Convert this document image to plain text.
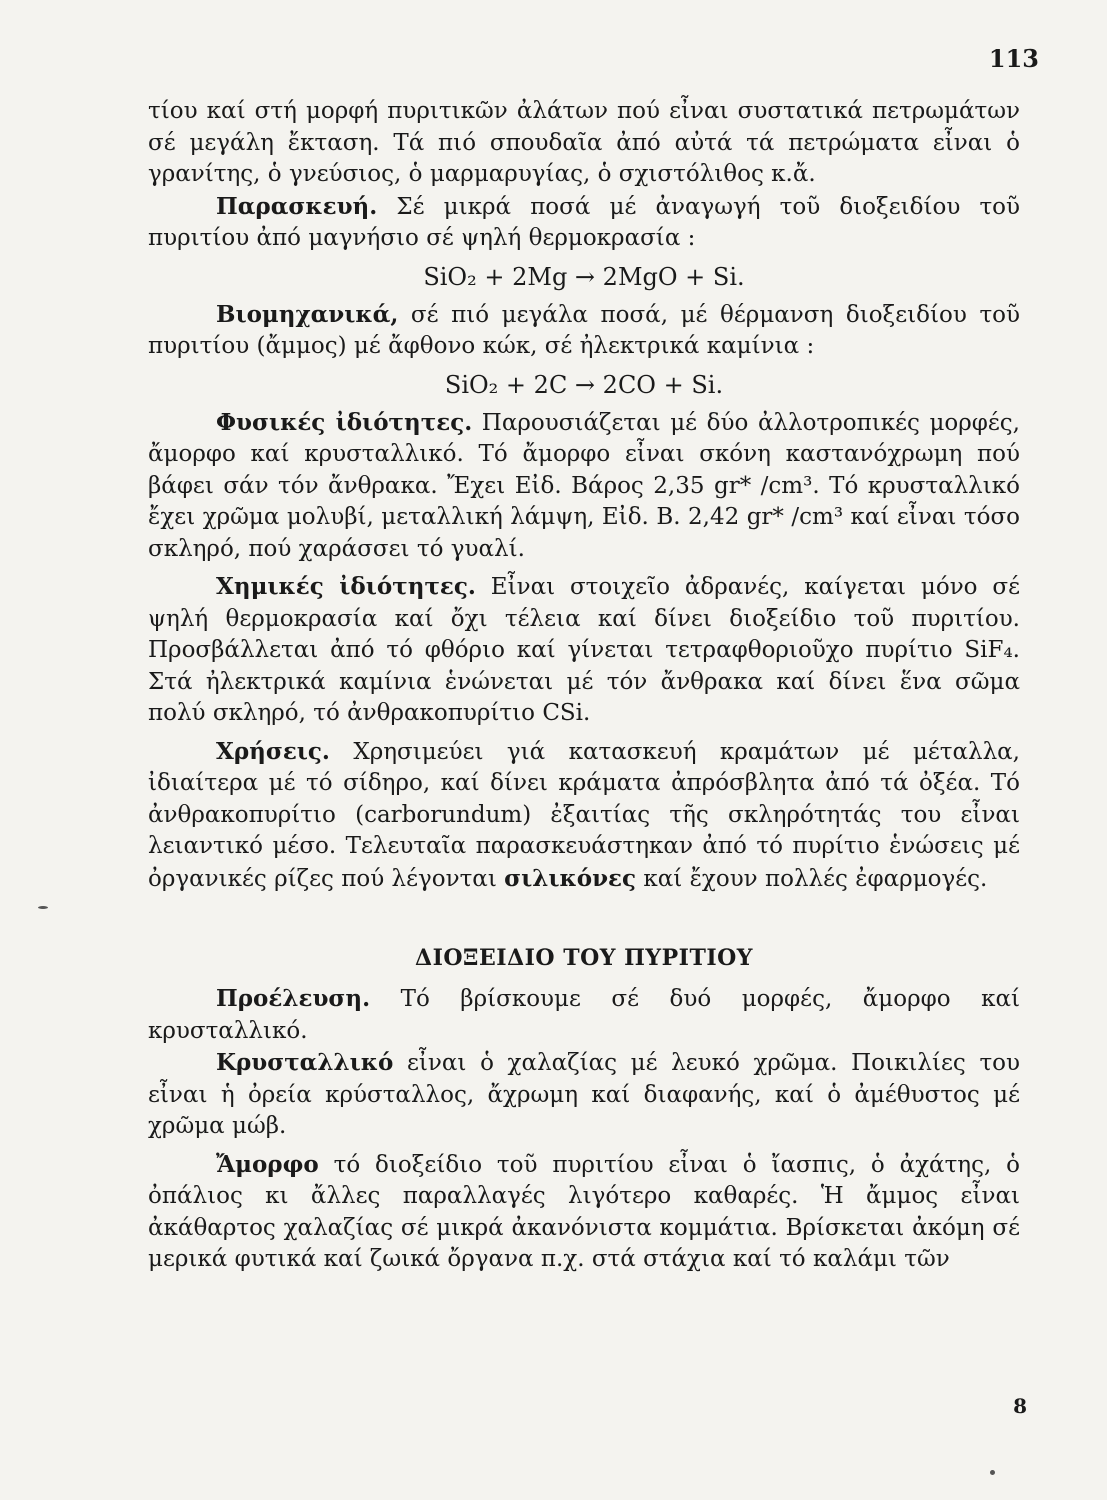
113

τίου καί στή μορφή πυριτικῶν ἀλάτων πού εἶναι συστατικά πετρωμάτων σέ μεγάλη ἔκταση. Τά πιό σπουδαῖα ἀπό αὐτά τά πετρώματα εἶναι ὁ γρανίτης, ὁ γνεύσιος, ὁ μαρμαρυγίας, ὁ σχιστόλιθος κ.ἄ.

Παρασκευή. Σέ μικρά ποσά μέ ἀναγωγή τοῦ διοξειδίου τοῦ πυριτίου ἀπό μαγνήσιο σέ ψηλή θερμοκρασία :

SiO₂ + 2Mg → 2MgO + Si.

Βιομηχανικά, σέ πιό μεγάλα ποσά, μέ θέρμανση διοξειδίου τοῦ πυριτίου (ἄμμος) μέ ἄφθονο κώκ, σέ ἠλεκτρικά καμίνια :

SiO₂ + 2C → 2CO + Si.

Φυσικές ἰδιότητες. Παρουσιάζεται μέ δύο ἀλλοτροπικές μορφές, ἄμορφο καί κρυσταλλικό. Τό ἄμορφο εἶναι σκόνη καστανόχρωμη πού βάφει σάν τόν ἄνθρακα. Ἔχει Εἰδ. Βάρος 2,35 gr* /cm³. Τό κρυσταλλικό ἔχει χρῶμα μολυβί, μεταλλική λάμψη, Εἰδ. Β. 2,42 gr* /cm³ καί εἶναι τόσο σκληρό, πού χαράσσει τό γυαλί.

Χημικές ἰδιότητες. Εἶναι στοιχεῖο ἀδρανές, καίγεται μόνο σέ ψηλή θερμοκρασία καί ὄχι τέλεια καί δίνει διοξείδιο τοῦ πυριτίου. Προσβάλλεται ἀπό τό φθόριο καί γίνεται τετραφθοριοῦχο πυρίτιο SiF₄. Στά ἠλεκτρικά καμίνια ἑνώνεται μέ τόν ἄνθρακα καί δίνει ἕνα σῶμα πολύ σκληρό, τό ἀνθρακοπυρίτιο CSi.

Χρήσεις. Χρησιμεύει γιά κατασκευή κραμάτων μέ μέταλλα, ἰδιαίτερα μέ τό σίδηρο, καί δίνει κράματα ἀπρόσβλητα ἀπό τά ὀξέα. Τό ἀνθρακοπυρίτιο (carborundum) ἐξαιτίας τῆς σκληρότητάς του εἶναι λειαντικό μέσο. Τελευταῖα παρασκευάστηκαν ἀπό τό πυρίτιο ἑνώσεις μέ ὀργανικές ρίζες πού λέγονται σιλικόνες καί ἔχουν πολλές ἐφαρμογές.

ΔΙΟΞΕΙΔΙΟ ΤΟΥ ΠΥΡΙΤΙΟΥ

Προέλευση. Τό βρίσκουμε σέ δυό μορφές, ἄμορφο καί κρυσταλλικό.

Κρυσταλλικό εἶναι ὁ χαλαζίας μέ λευκό χρῶμα. Ποικιλίες του εἶναι ἡ ὀρεία κρύσταλλος, ἄχρωμη καί διαφανής, καί ὁ ἀμέθυστος μέ χρῶμα μώβ.

Ἄμορφο τό διοξείδιο τοῦ πυριτίου εἶναι ὁ ἴασπις, ὁ ἀχάτης, ὁ ὀπάλιος κι ἄλλες παραλλαγές λιγότερο καθαρές. Ἡ ἄμμος εἶναι ἀκάθαρτος χαλαζίας σέ μικρά ἀκανόνιστα κομμάτια. Βρίσκεται ἀκόμη σέ μερικά φυτικά καί ζωικά ὄργανα π.χ. στά στάχια καί τό καλάμι τῶν

8
